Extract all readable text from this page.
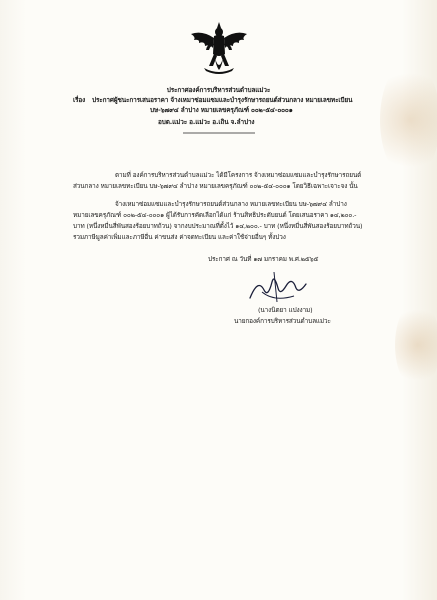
ประกาศองค์การบริหารส่วนตำบลแม่วะ
เรื่อง ประกาศผู้ชนะการเสนอราคา จ้างเหมาซ่อมแซมและบำรุงรักษารถยนต์ส่วนกลาง หมายเลขทะเบียน
บษ-๖๗๙๔ ลำปาง หมายเลขครุภัณฑ์ ๐๐๒-๕๔-๐๐๐๑
อบต.แม่วะ อ.แม่วะ อ.เถิน จ.ลำปาง
ตามที่ องค์การบริหารส่วนตำบลแม่วะ ได้มีโครงการ จ้างเหมาซ่อมแซมและบำรุงรักษารถยนต์
ส่วนกลาง หมายเลขทะเบียน บษ-๖๗๙๔ ลำปาง หมายเลขครุภัณฑ์ ๐๐๒-๕๔-๐๐๐๑ โดยวิธีเฉพาะเจาะจง นั้น
จ้างเหมาซ่อมแซมและบำรุงรักษารถยนต์ส่วนกลาง หมายเลขทะเบียน บษ-๖๗๙๔ ลำปาง
หมายเลขครุภัณฑ์ ๐๐๒-๕๔-๐๐๐๑ ผู้ได้รับการคัดเลือกได้แก่ ร้านสิทธิประดับยนต์ โดยเสนอราคา ๑๔,๒๐๐.-
บาท (หนึ่งหมื่นสี่พันสองร้อยบาทถ้วน) จากงบประมาณที่ตั้งไว้ ๑๔,๒๐๐.- บาท (หนึ่งหมื่นสี่พันสองร้อยบาทถ้วน)
รวมภาษีมูลค่าเพิ่มและภาษีอื่น ค่าขนส่ง ค่าจดทะเบียน และค่าใช้จ่ายอื่นๆ ทั้งปวง
ประกาศ ณ วันที่ ๑๗ มกราคม พ.ศ.๒๕๖๕
(นางนิตยา แปงงาม)
นายกองค์การบริหารส่วนตำบลแม่วะ
